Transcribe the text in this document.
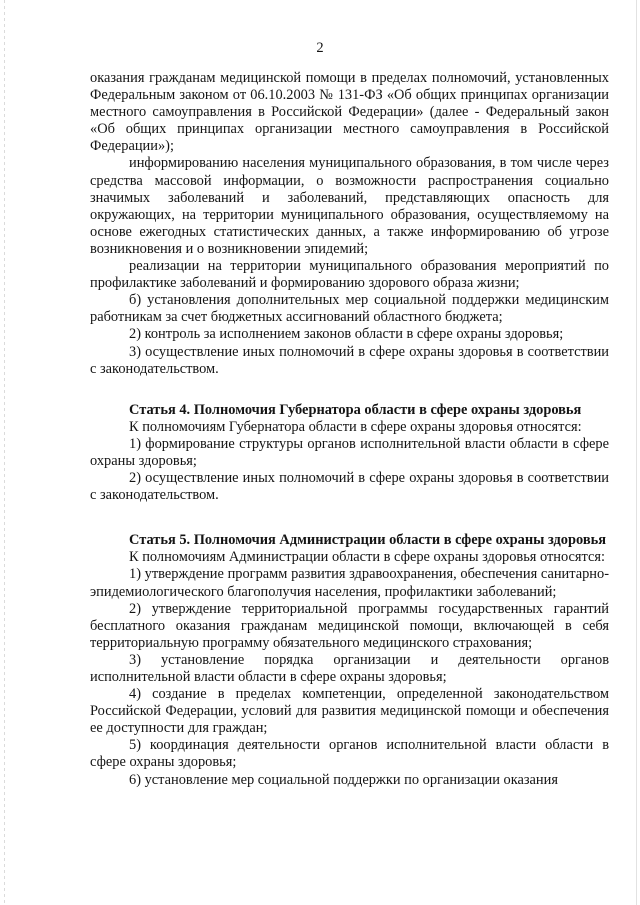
2

оказания гражданам медицинской помощи в пределах полномочий, установленных Федеральным законом от 06.10.2003 № 131-ФЗ «Об общих принципах организации местного самоуправления в Российской Федерации» (далее - Федеральный закон «Об общих принципах организации местного самоуправления в Российской Федерации»);

информированию населения муниципального образования, в том числе через средства массовой информации, о возможности распространения социально значимых заболеваний и заболеваний, представляющих опасность для окружающих, на территории муниципального образования, осуществляемому на основе ежегодных статистических данных, а также информированию об угрозе возникновения и о возникновении эпидемий;

реализации на территории муниципального образования мероприятий по профилактике заболеваний и формированию здорового образа жизни;

б) установления дополнительных мер социальной поддержки медицинским работникам за счет бюджетных ассигнований областного бюджета;

2) контроль за исполнением законов области в сфере охраны здоровья;

3) осуществление иных полномочий в сфере охраны здоровья в соответствии с законодательством.

Статья 4. Полномочия Губернатора области в сфере охраны здоровья

К полномочиям Губернатора области в сфере охраны здоровья относятся:

1) формирование структуры органов исполнительной власти области в сфере охраны здоровья;

2) осуществление иных полномочий в сфере охраны здоровья в соответствии с законодательством.

Статья 5. Полномочия Администрации области в сфере охраны здоровья

К полномочиям Администрации области в сфере охраны здоровья относятся:

1) утверждение программ развития здравоохранения, обеспечения санитарно-эпидемиологического благополучия населения, профилактики заболеваний;

2) утверждение территориальной программы государственных гарантий бесплатного оказания гражданам медицинской помощи, включающей в себя территориальную программу обязательного медицинского страхования;

3) установление порядка организации и деятельности органов исполнительной власти области в сфере охраны здоровья;

4) создание в пределах компетенции, определенной законодательством Российской Федерации, условий для развития медицинской помощи и обеспечения ее доступности для граждан;

5) координация деятельности органов исполнительной власти области в сфере охраны здоровья;

6) установление мер социальной поддержки по организации оказания
